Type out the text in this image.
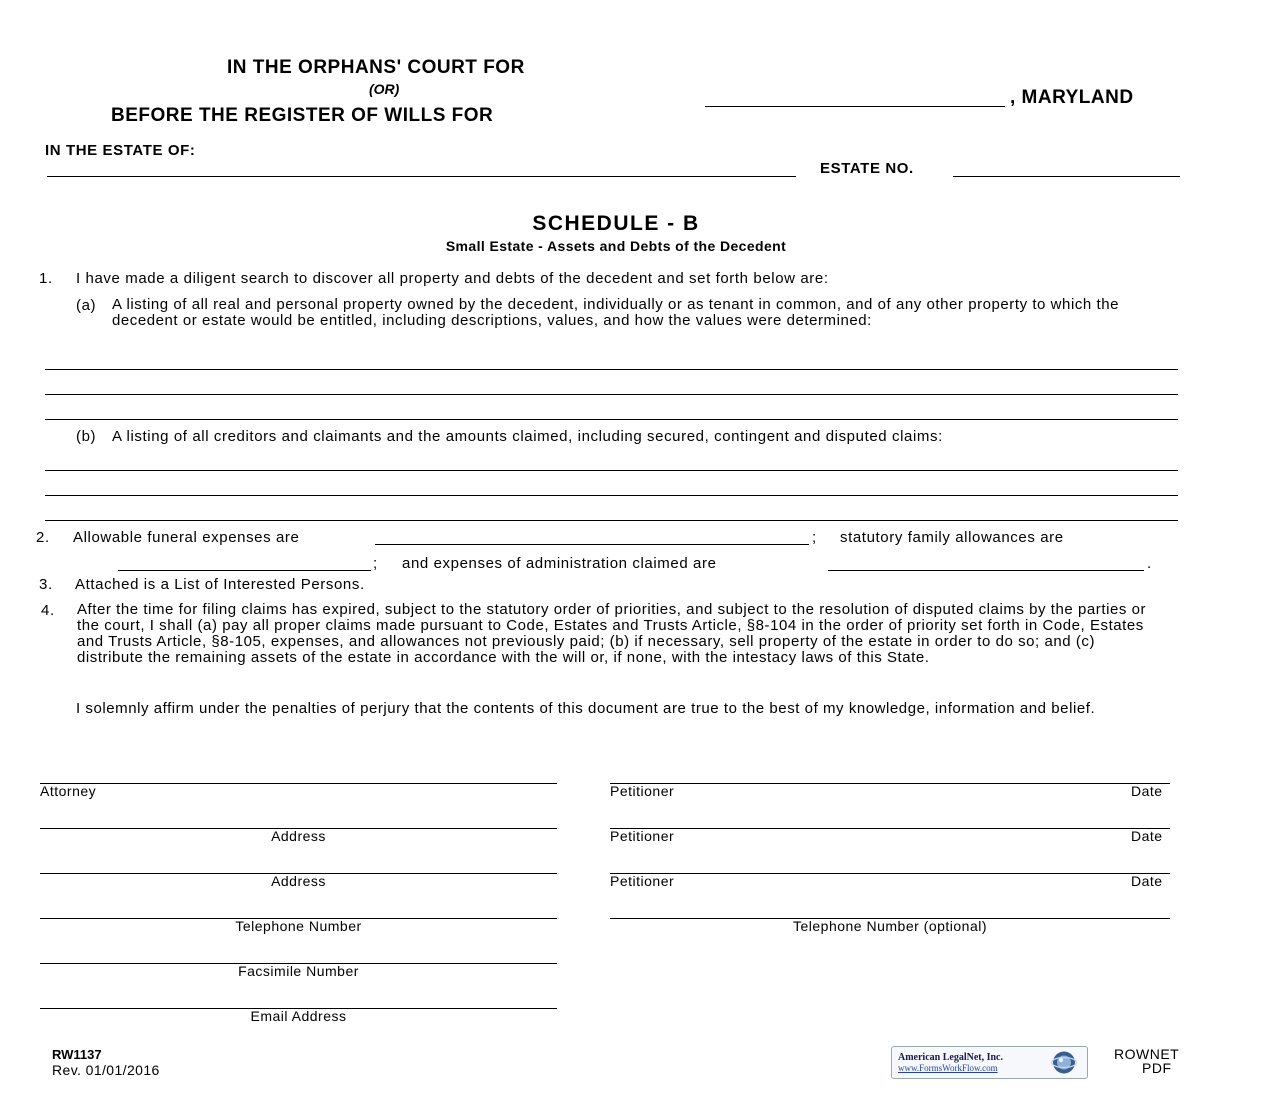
IN THE ORPHANS' COURT FOR
(OR)
BEFORE THE REGISTER OF WILLS FOR
, MARYLAND
IN THE ESTATE OF:
ESTATE NO.
SCHEDULE - B
Small Estate - Assets and Debts of the Decedent
1. I have made a diligent search to discover all property and debts of the decedent and set forth below are:
(a) A listing of all real and personal property owned by the decedent, individually or as tenant in common, and of any other property to which the decedent or estate would be entitled, including descriptions, values, and how the values were determined:
(b) A listing of all creditors and claimants and the amounts claimed, including secured, contingent and disputed claims:
2. Allowable funeral expenses are	; statutory family allowances are
; and expenses of administration claimed are	.
3. Attached is a List of Interested Persons.
4. After the time for filing claims has expired, subject to the statutory order of priorities, and subject to the resolution of disputed claims by the parties or the court, I shall (a) pay all proper claims made pursuant to Code, Estates and Trusts Article, §8-104 in the order of priority set forth in Code, Estates and Trusts Article, §8-105, expenses, and allowances not previously paid; (b) if necessary, sell property of the estate in order to do so; and (c) distribute the remaining assets of the estate in accordance with the will or, if none, with the intestacy laws of this State.
I solemnly affirm under the penalties of perjury that the contents of this document are true to the best of my knowledge, information and belief.
Attorney
Address
Address
Telephone Number
Facsimile Number
Email Address
Petitioner	Date
Petitioner	Date
Petitioner	Date
Telephone Number (optional)
RW1137
Rev. 01/01/2016
American LegalNet, Inc.
www.FormsWorkFlow.com
ROWNET
PDF
